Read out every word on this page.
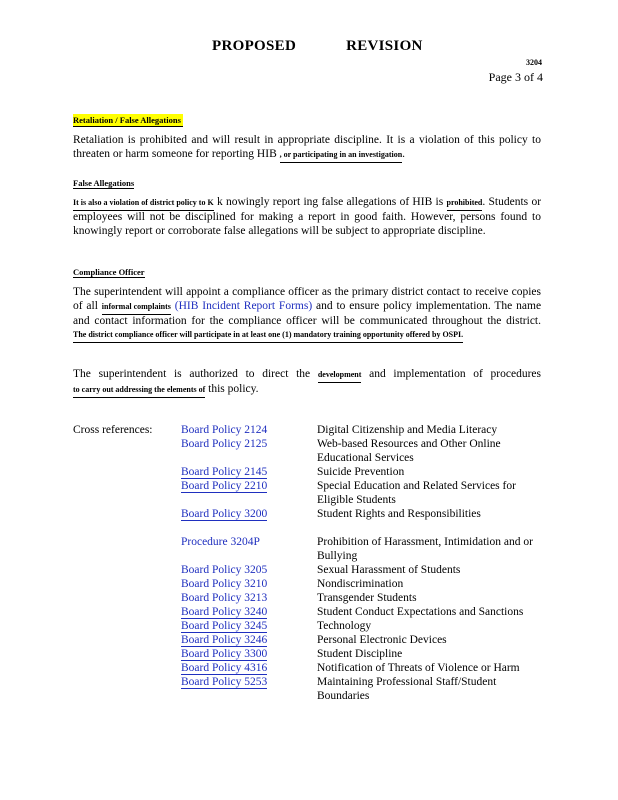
PROPOSED	REVISION
3204
Page 3 of 4
Retaliation / False Allegations
Retaliation is prohibited and will result in appropriate discipline. It is a violation of this policy to threaten or harm someone for reporting HIB , or participating in an investigation.
False Allegations
It is also a violation of district policy to K k nowingly report ing false allegations of HIB is prohibited. Students or employees will not be disciplined for making a report in good faith. However, persons found to knowingly report or corroborate false allegations will be subject to appropriate discipline.
Compliance Officer
The superintendent will appoint a compliance officer as the primary district contact to receive copies of all informal complaints (HIB Incident Report Forms) and to ensure policy implementation. The name and contact information for the compliance officer will be communicated throughout the district. The district compliance officer will participate in at least one (1) mandatory training opportunity offered by OSPI.
The superintendent is authorized to direct the development and implementation of procedures to carry out addressing the elements of this policy.
Cross references: Board Policy 2124	Digital Citizenship and Media Literacy
Board Policy 2125	Web-based Resources and Other Online Educational Services
Board Policy 2145	Suicide Prevention
Board Policy 2210	Special Education and Related Services for Eligible Students
Board Policy 3200	Student Rights and Responsibilities
Procedure 3204P	Prohibition of Harassment, Intimidation and or Bullying
Board Policy 3205	Sexual Harassment of Students
Board Policy 3210	Nondiscrimination
Board Policy 3213	Transgender Students
Board Policy 3240	Student Conduct Expectations and Sanctions
Board Policy 3245	Technology
Board Policy 3246	Personal Electronic Devices
Board Policy 3300	Student Discipline
Board Policy 4316	Notification of Threats of Violence or Harm
Board Policy 5253	Maintaining Professional Staff/Student Boundaries
